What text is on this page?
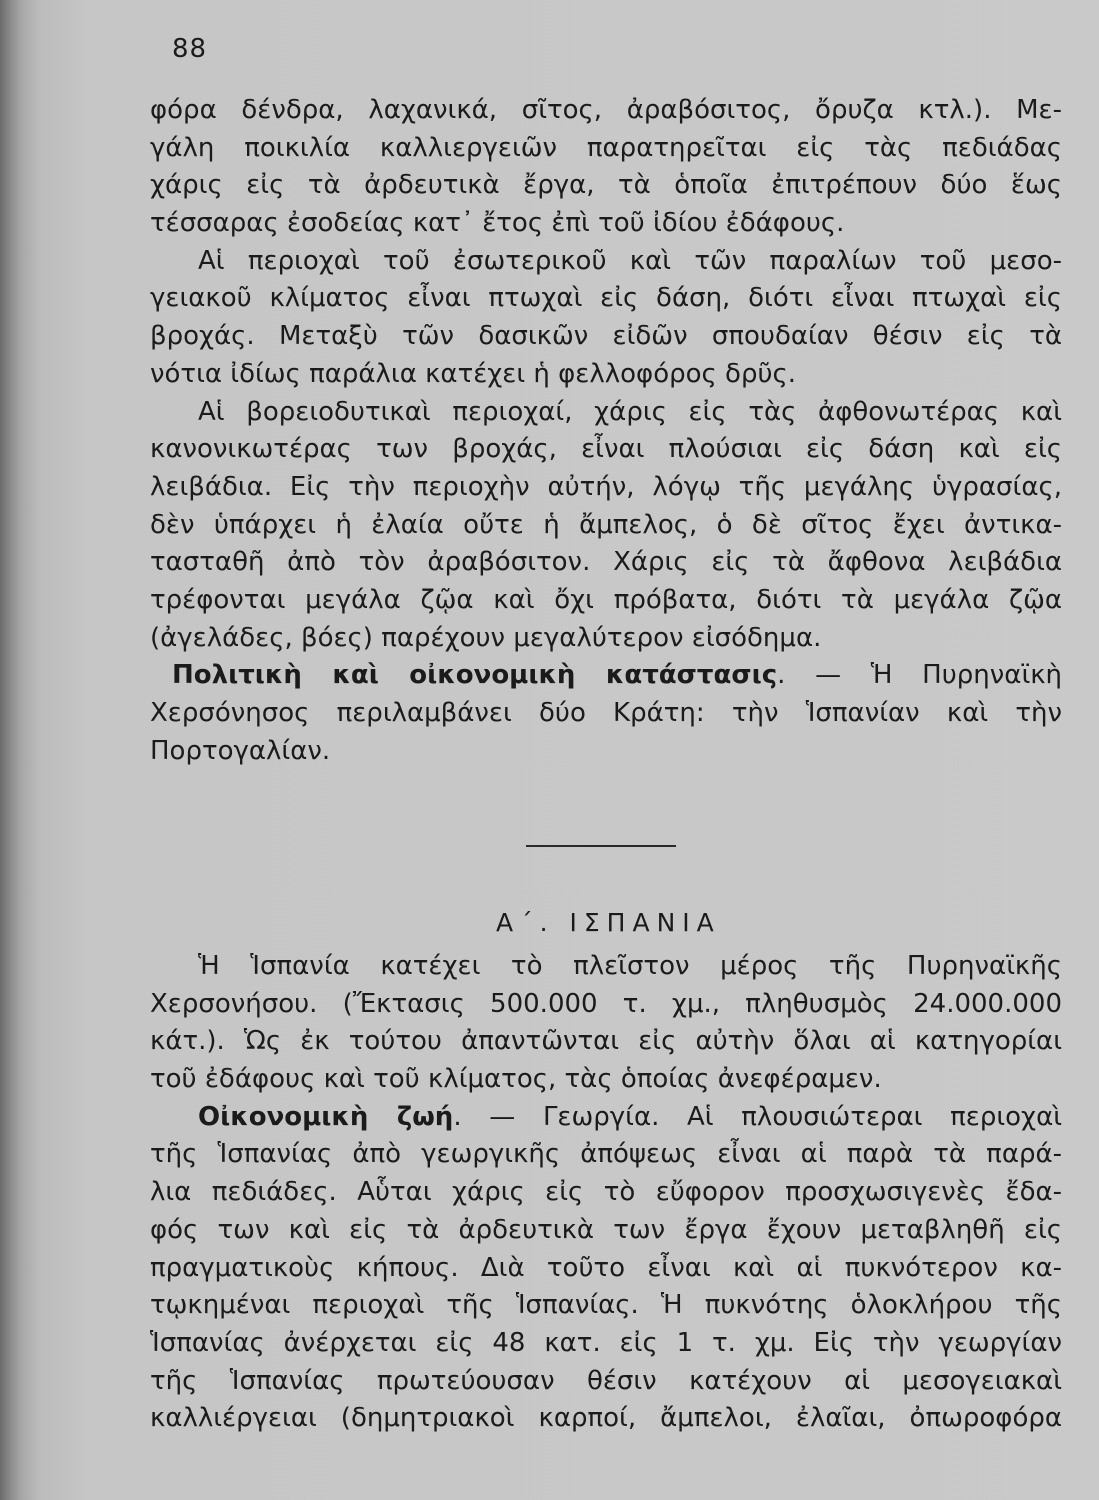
88
φόρα δένδρα, λαχανικά, σῖτος, ἀραβόσιτος, ὄρυζα κτλ.). Με-
γάλη ποικιλία καλλιεργειῶν παρατηρεῖται εἰς τὰς πεδιάδας
χάρις εἰς τὰ ἀρδευτικὰ ἔργα, τὰ ὁποῖα ἐπιτρέπουν δύο ἕως
τέσσαρας ἐσοδείας κατ᾽ ἔτος ἐπὶ τοῦ ἰδίου ἐδάφους.
Αἱ περιοχαὶ τοῦ ἐσωτερικοῦ καὶ τῶν παραλίων τοῦ μεσο-
γειακοῦ κλίματος εἶναι πτωχαὶ εἰς δάση, διότι εἶναι πτωχαὶ εἰς
βροχάς. Μεταξὺ τῶν δασικῶν εἰδῶν σπουδαίαν θέσιν εἰς τὰ
νότια ἰδίως παράλια κατέχει ἡ φελλοφόρος δρῦς.
Αἱ βορειοδυτικαὶ περιοχαί, χάρις εἰς τὰς ἀφθονωτέρας καὶ
κανονικωτέρας των βροχάς, εἶναι πλούσιαι εἰς δάση καὶ εἰς
λειβάδια. Εἰς τὴν περιοχὴν αὐτήν, λόγῳ τῆς μεγάλης ὑγρασίας,
δὲν ὑπάρχει ἡ ἐλαία οὔτε ἡ ἄμπελος, ὁ δὲ σῖτος ἔχει ἀντικα-
τασταθῆ ἀπὸ τὸν ἀραβόσιτον. Χάρις εἰς τὰ ἄφθονα λειβάδια
τρέφονται μεγάλα ζῷα καὶ ὄχι πρόβατα, διότι τὰ μεγάλα ζῷα
(ἀγελάδες, βόες) παρέχουν μεγαλύτερον εἰσόδημα.
Πολιτικὴ καὶ οἰκονομικὴ κατάστασις. — Ἡ Πυρηναϊκὴ
Χερσόνησος περιλαμβάνει δύο Κράτη: τὴν Ἱσπανίαν καὶ τὴν
Πορτογαλίαν.
Α΄. ΙΣΠΑΝΙΑ
Ἡ Ἱσπανία κατέχει τὸ πλεῖστον μέρος τῆς Πυρηναϊκῆς
Χερσονήσου. (Ἔκτασις 500.000 τ. χμ., πληθυσμὸς 24.000.000
κάτ.). Ὡς ἐκ τούτου ἀπαντῶνται εἰς αὐτὴν ὅλαι αἱ κατηγορίαι
τοῦ ἐδάφους καὶ τοῦ κλίματος, τὰς ὁποίας ἀνεφέραμεν.
Οἰκονομικὴ ζωή. — Γεωργία. Αἱ πλουσιώτεραι περιοχαὶ
τῆς Ἱσπανίας ἀπὸ γεωργικῆς ἀπόψεως εἶναι αἱ παρὰ τὰ παρά-
λια πεδιάδες. Αὗται χάρις εἰς τὸ εὔφορον προσχωσιγενὲς ἔδα-
φός των καὶ εἰς τὰ ἀρδευτικὰ των ἔργα ἔχουν μεταβληθῆ εἰς
πραγματικοὺς κήπους. Διὰ τοῦτο εἶναι καὶ αἱ πυκνότερον κα-
τῳκημέναι περιοχαὶ τῆς Ἱσπανίας. Ἡ πυκνότης ὁλοκλήρου τῆς
Ἱσπανίας ἀνέρχεται εἰς 48 κατ. εἰς 1 τ. χμ. Εἰς τὴν γεωργίαν
τῆς Ἱσπανίας πρωτεύουσαν θέσιν κατέχουν αἱ μεσογειακαὶ
καλλιέργειαι (δημητριακοὶ καρποί, ἄμπελοι, ἐλαῖαι, ὀπωροφόρα
